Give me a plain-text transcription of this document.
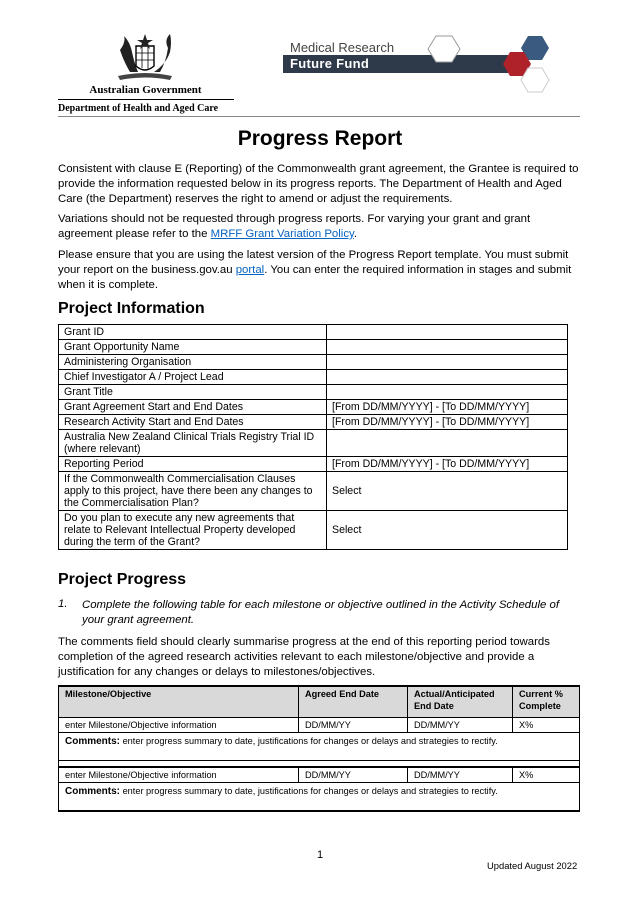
Australian Government
Department of Health and Aged Care
Medical Research
Future Fund
Progress Report

Consistent with clause E (Reporting) of the Commonwealth grant agreement, the Grantee is required to provide the information requested below in its progress reports. The Department of Health and Aged Care (the Department) reserves the right to amend or adjust the requirements.

Variations should not be requested through progress reports. For varying your grant and grant agreement please refer to the MRFF Grant Variation Policy.

Please ensure that you are using the latest version of the Progress Report template. You must submit your report on the business.gov.au portal. You can enter the required information in stages and submit when it is complete.

Project Information
Grant ID	
Grant Opportunity Name	
Administering Organisation	
Chief Investigator A / Project Lead	
Grant Title	
Grant Agreement Start and End Dates	[From DD/MM/YYYY] - [To DD/MM/YYYY]
Research Activity Start and End Dates	[From DD/MM/YYYY] - [To DD/MM/YYYY]
Australia New Zealand Clinical Trials Registry Trial ID (where relevant)	
Reporting Period	[From DD/MM/YYYY] - [To DD/MM/YYYY]
If the Commonwealth Commercialisation Clauses apply to this project, have there been any changes to the Commercialisation Plan?	Select
Do you plan to execute any new agreements that relate to Relevant Intellectual Property developed during the term of the Grant?	Select
Project Progress
1. Complete the following table for each milestone or objective outlined in the Activity Schedule of your grant agreement.

The comments field should clearly summarise progress at the end of this reporting period towards completion of the agreed research activities relevant to each milestone/objective and provide a justification for any changes or delays to milestones/objectives.

Milestone/Objective	Agreed End Date	Actual/Anticipated End Date	Current % Complete
enter Milestone/Objective information	DD/MM/YY	DD/MM/YY	X%
Comments: enter progress summary to date, justifications for changes or delays and strategies to rectify.			

enter Milestone/Objective information	DD/MM/YY	DD/MM/YY	X%
Comments: enter progress summary to date, justifications for changes or delays and strategies to rectify.			
1
Updated August 2022
